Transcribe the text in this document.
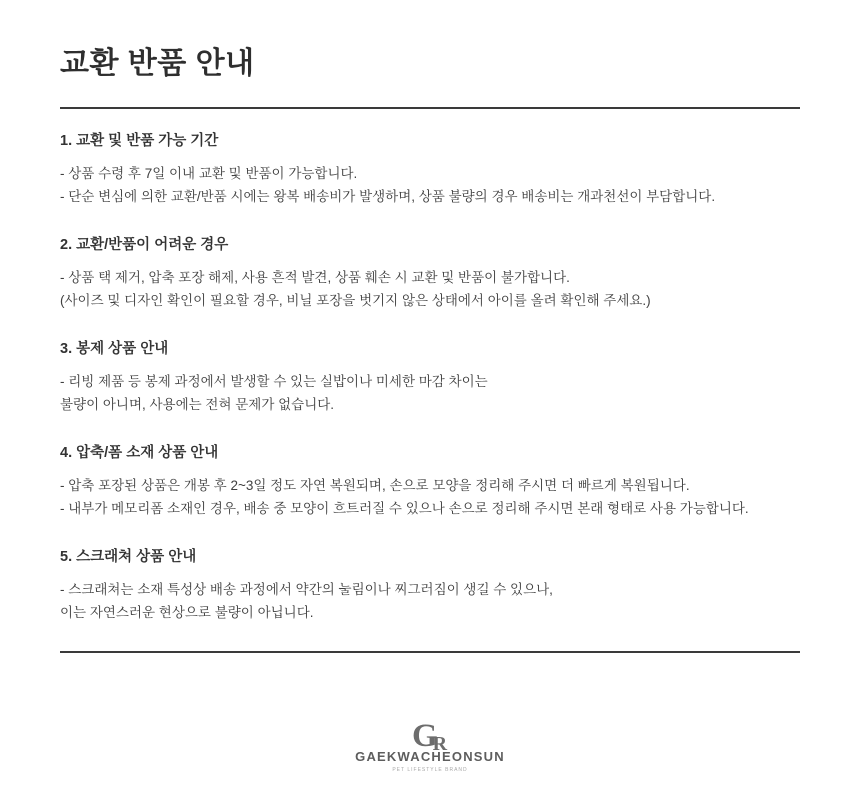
교환 반품 안내

1. 교환 및 반품 가능 기간

- 상품 수령 후 7일 이내 교환 및 반품이 가능합니다.

- 단순 변심에 의한 교환/반품 시에는 왕복 배송비가 발생하며, 상품 불량의 경우 배송비는 개과천선이 부담합니다.

2. 교환/반품이 어려운 경우

- 상품 택 제거, 압축 포장 해제, 사용 흔적 발견, 상품 훼손 시 교환 및 반품이 불가합니다.

(사이즈 및 디자인 확인이 필요할 경우, 비닐 포장을 벗기지 않은 상태에서 아이를 올려 확인해 주세요.)

3. 봉제 상품 안내

- 리빙 제품 등 봉제 과정에서 발생할 수 있는 실밥이나 미세한 마감 차이는

불량이 아니며, 사용에는 전혀 문제가 없습니다.

4. 압축/폼 소재 상품 안내

- 압축 포장된 상품은 개봉 후 2~3일 정도 자연 복원되며, 손으로 모양을 정리해 주시면 더 빠르게 복원됩니다.

- 내부가 메모리폼 소재인 경우, 배송 중 모양이 흐트러질 수 있으나 손으로 정리해 주시면 본래 형태로 사용 가능합니다.

5. 스크래쳐 상품 안내

- 스크래쳐는 소재 특성상 배송 과정에서 약간의 눌림이나 찌그러짐이 생길 수 있으나,

이는 자연스러운 현상으로 불량이 아닙니다.

GR
GAEKWACHEONSUN
PET LIFESTYLE BRAND
